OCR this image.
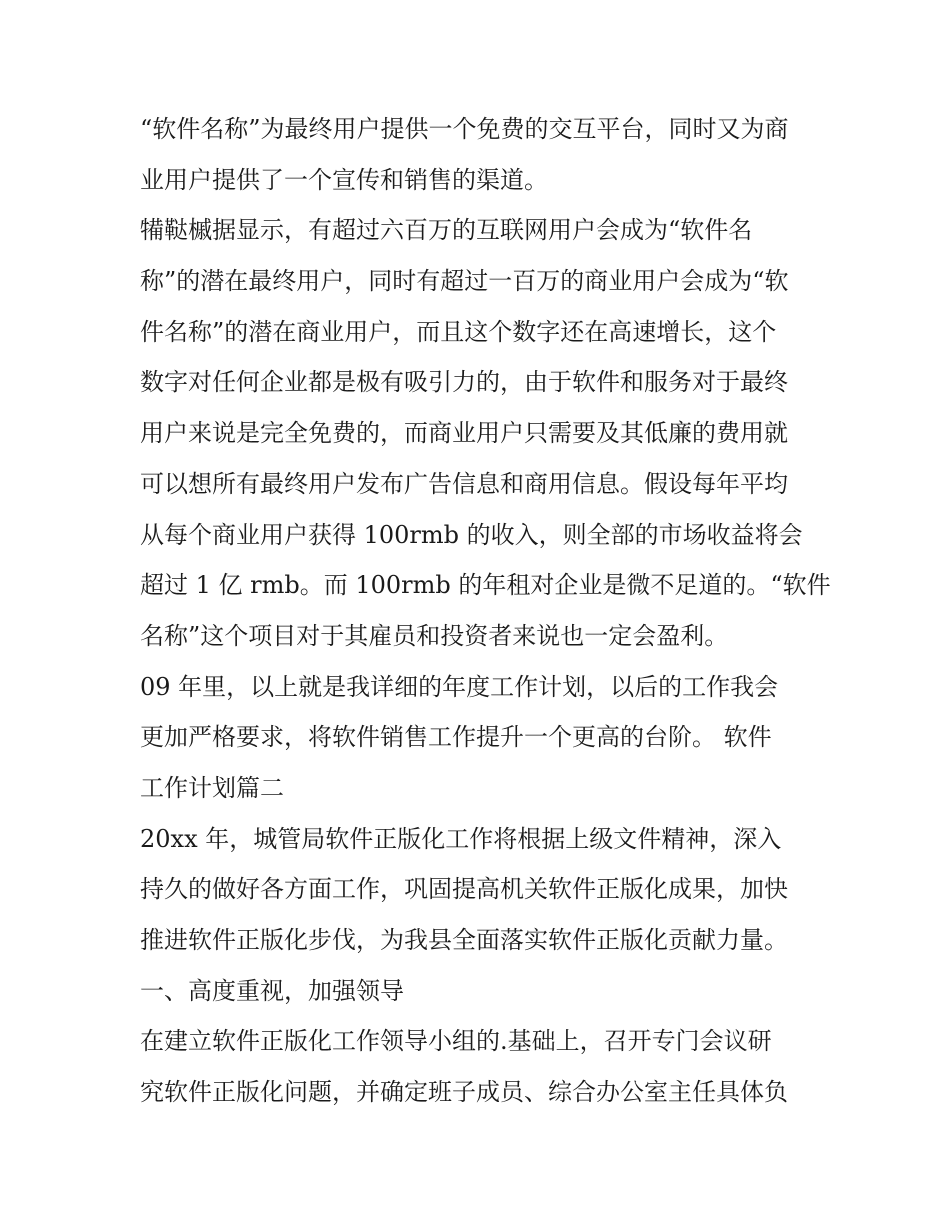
“软件名称”为最终用户提供一个免费的交互平台，同时又为商
业用户提供了一个宣传和销售的渠道。
犕鞑槭据显示，有超过六百万的互联网用户会成为“软件名
称”的潜在最终用户，同时有超过一百万的商业用户会成为“软
件名称”的潜在商业用户，而且这个数字还在高速增长，这个
数字对任何企业都是极有吸引力的，由于软件和服务对于最终
用户来说是完全免费的，而商业用户只需要及其低廉的费用就
可以想所有最终用户发布广告信息和商用信息。假设每年平均
从每个商业用户获得 100rmb 的收入，则全部的市场收益将会
超过 1 亿 rmb。而 100rmb 的年租对企业是微不足道的。“软件
名称”这个项目对于其雇员和投资者来说也一定会盈利。
09 年里，以上就是我详细的年度工作计划，以后的工作我会
更加严格要求，将软件销售工作提升一个更高的台阶。 软件
工作计划篇二
20xx 年，城管局软件正版化工作将根据上级文件精神，深入
持久的做好各方面工作，巩固提高机关软件正版化成果，加快
推进软件正版化步伐，为我县全面落实软件正版化贡献力量。
一、高度重视，加强领导
在建立软件正版化工作领导小组的.基础上，召开专门会议研
究软件正版化问题，并确定班子成员、综合办公室主任具体负
